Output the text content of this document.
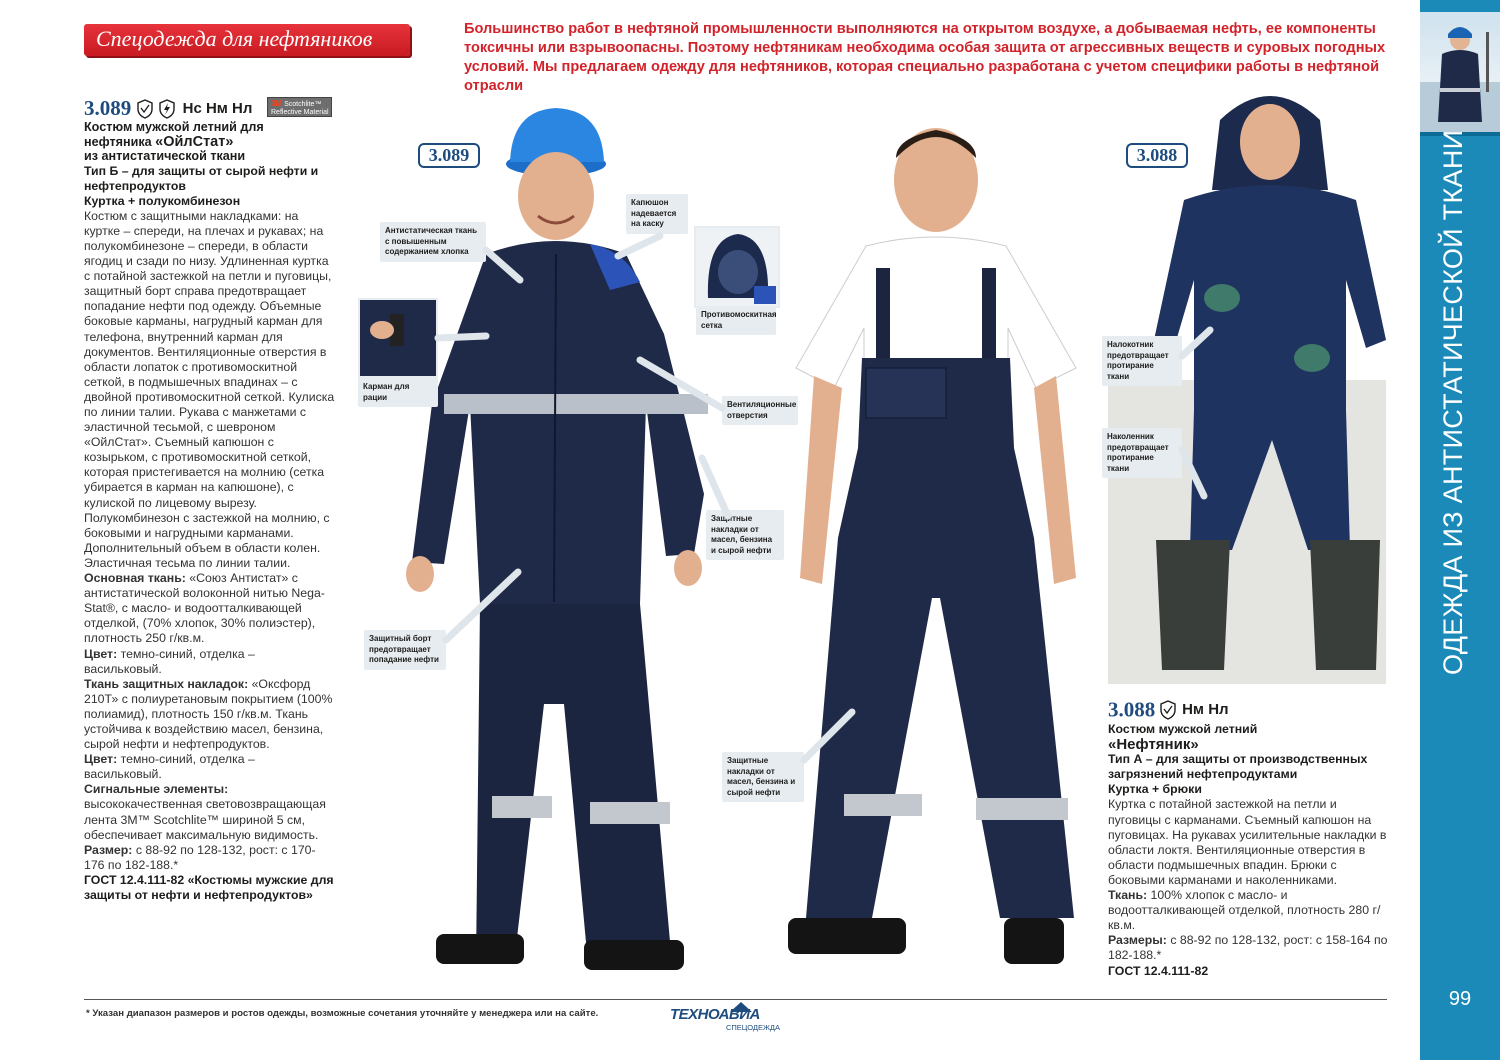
Спецодежда для нефтяников	Большинство работ в нефтяной промышленности выполняются на открытом воздухе, а добываемая нефть, ее компоненты токсичны или взрывоопасны. Поэтому нефтяникам необходима особая защита от агрессивных веществ и суровых погодных условий. Мы предлагаем одежду для нефтяников, которая специально разработана с учетом специфики работы в нефтяной отрасли
ОДЕЖДА ИЗ АНТИСТАТИЧЕСКОЙ ТКАНИ
99
3.089	Нс Нм Нл	3M Scotchlite™
Reflective Material

Костюм мужской летний для

нефтяника «ОйлСтат»

из антистатической ткани

Тип Б – для защиты от сырой нефти и нефтепродуктов

Куртка + полукомбинезон

Костюм с защитными накладками: на куртке – спереди, на плечах и рукавах; на полукомбинезоне – спереди, в области ягодиц и сзади по низу. Удлиненная куртка с потайной застежкой на петли и пуговицы, защитный борт справа предотвращает попадание нефти под одежду. Объемные боковые карманы, нагрудный карман для телефона, внутренний карман для документов. Вентиляционные отверстия в области лопаток с противомоскитной сеткой, в подмышечных впадинах – с двойной противомоскитной сеткой. Кулиска по линии талии. Рукава с манжетами с эластичной тесьмой, с шевроном «ОйлСтат». Съемный капюшон с козырьком, с противомоскитной сеткой, которая пристегивается на молнию (сетка убирается в карман на капюшоне), с кулиской по лицевому вырезу. Полукомбинезон с застежкой на молнию, с боковыми и нагрудными карманами. Дополнительный объем в области колен. Эластичная тесьма по линии талии.

Основная ткань: «Союз Антистат» с антистатической волоконной нитью Nega-Stat®, с масло- и водоотталкивающей отделкой, (70% хлопок, 30% полиэстер), плотность 250 г/кв.м.

Цвет: темно-синий, отделка – васильковый.

Ткань защитных накладок: «Оксфорд 210Т» с полиуретановым покрытием (100% полиамид), плотность 150 г/кв.м. Ткань устойчива к воздействию масел, бензина, сырой нефти и нефтепродуктов.

Цвет: темно-синий, отделка – васильковый.

Сигнальные элементы: высококачественная световозвращающая лента 3M™ Scotchlite™ шириной 5 см, обеспечивает максимальную видимость.

Размер: с 88-92 по 128-132, рост: с 170-176 по 182-188.*

ГОСТ 12.4.111-82 «Костюмы мужские для защиты от нефти и нефтепродуктов»

3.089	3.088
Антистатическая ткань с повышенным содержанием хлопка
Капюшон надевается на каску
Противомоскитная сетка
Карман для рации
Вентиляционные отверстия
Защитные накладки от масел, бензина и сырой нефти
Защитный борт предотвращает попадание нефти
Защитные накладки от масел, бензина и сырой нефти
Налокотник предотвращает протирание ткани
Наколенник предотвращает протирание ткани
3.088 Нм Нл

Костюм мужской летний

«Нефтяник»

Тип А – для защиты от производственных загрязнений нефтепродуктами

Куртка + брюки

Куртка с потайной застежкой на петли и пуговицы с карманами. Съемный капюшон на пуговицах. На рукавах усилительные накладки в области локтя. Вентиляционные отверстия в области подмышечных впадин. Брюки с боковыми карманами и наколенниками.

Ткань: 100% хлопок с масло- и водоотталкивающей отделкой, плотность 280 г/кв.м.

Размеры: с 88-92 по 128-132, рост: с 158-164 по 182-188.*

ГОСТ 12.4.111-82

* Указан диапазон размеров и ростов одежды, возможные сочетания уточняйте у менеджера или на сайте.	ТЕХНОАВИА
СПЕЦОДЕЖДА
